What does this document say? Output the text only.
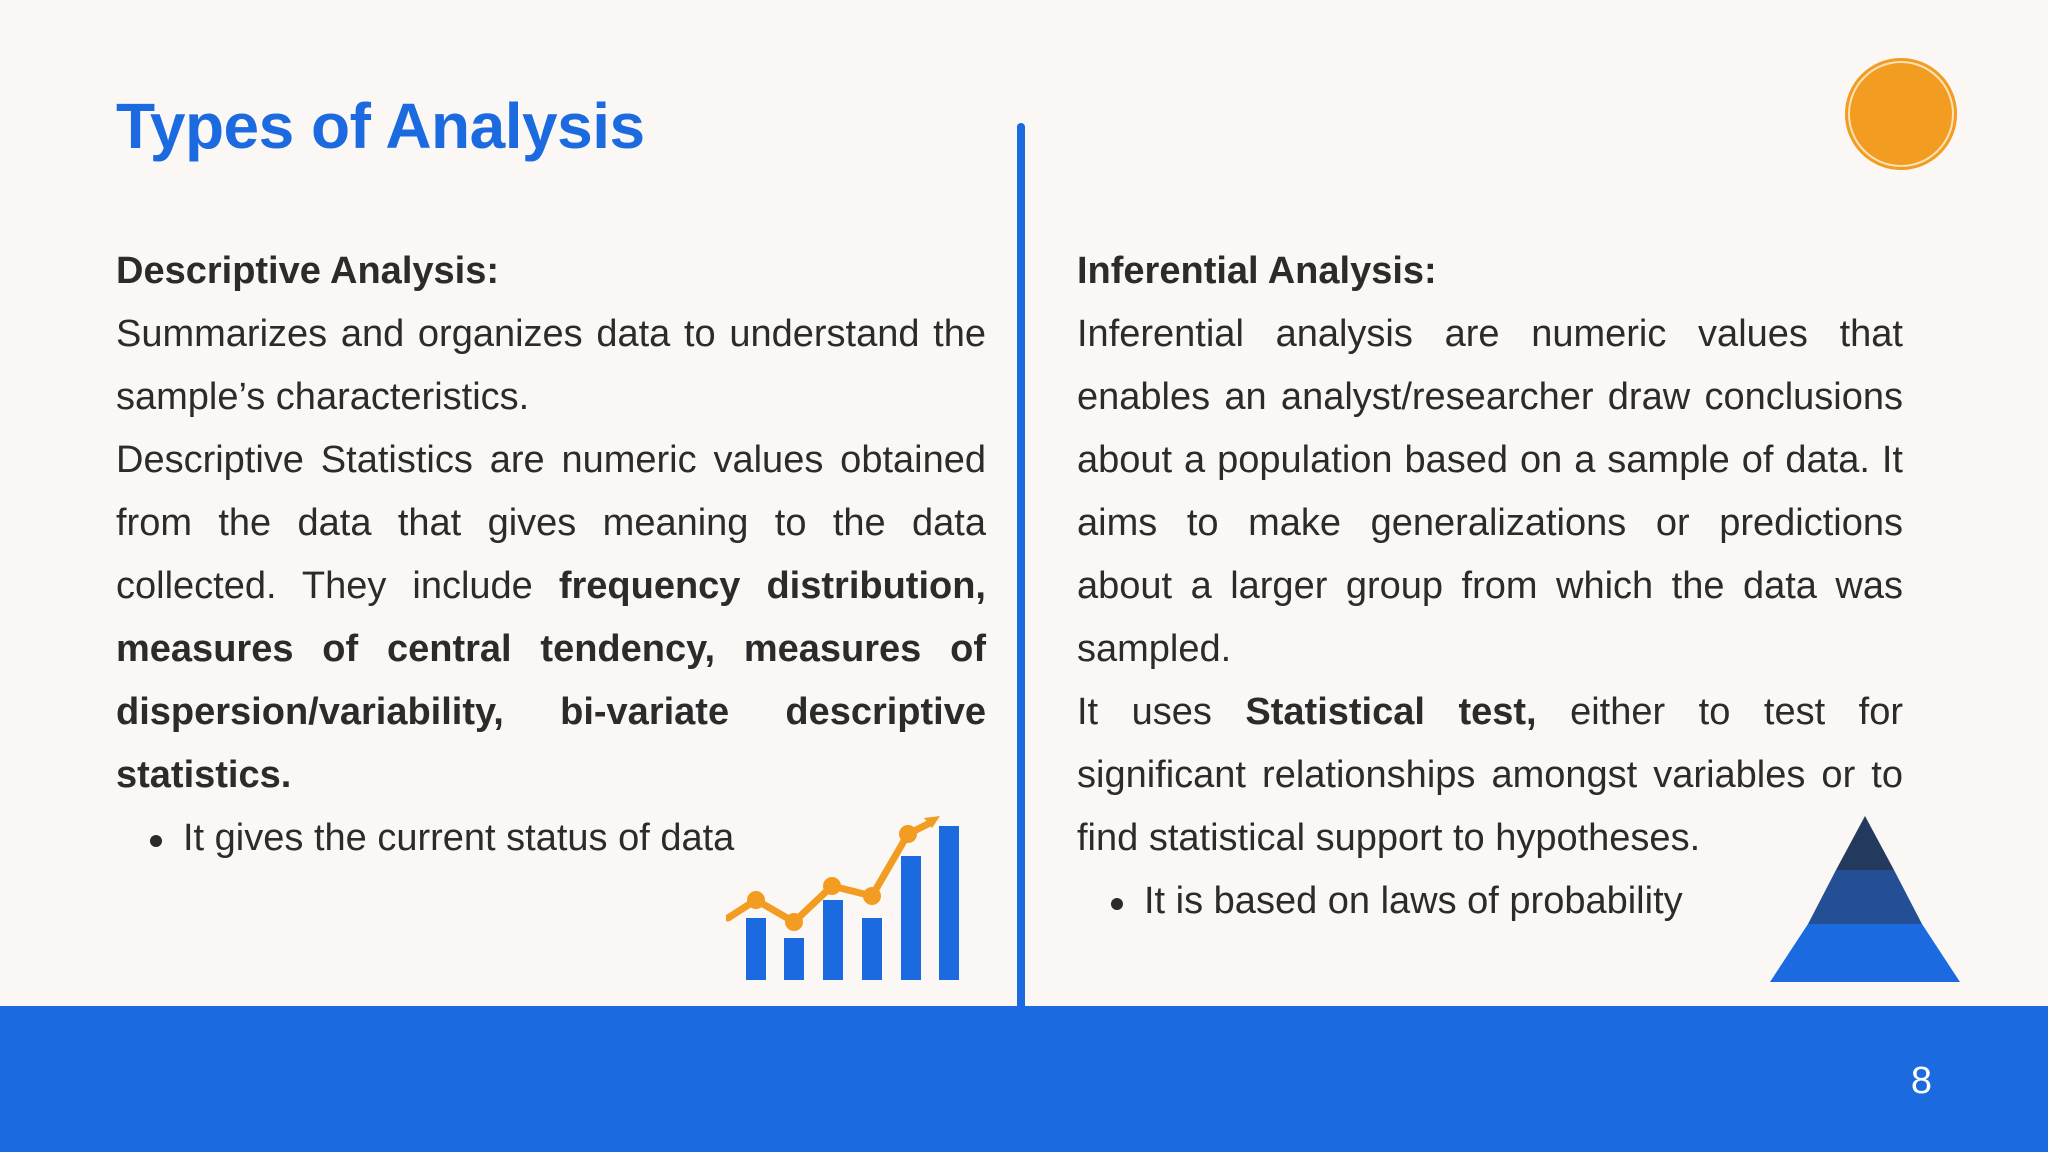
Types of Analysis
Descriptive Analysis:

Summarizes and organizes data to understand the sample’s characteristics.

Descriptive Statistics are numeric values obtained from the data that gives meaning to the data collected. They include frequency distribution, measures of central tendency, measures of dispersion/variability, bi-variate descriptive statistics.

It gives the current status of data
Inferential Analysis:

Inferential analysis are numeric values that enables an analyst/researcher draw conclusions about a population based on a sample of data. It aims to make generalizations or predictions about a larger group from which the data was sampled.

It uses Statistical test, either to test for significant relationships amongst variables or to find statistical support to hypotheses.

It is based on laws of probability
8
